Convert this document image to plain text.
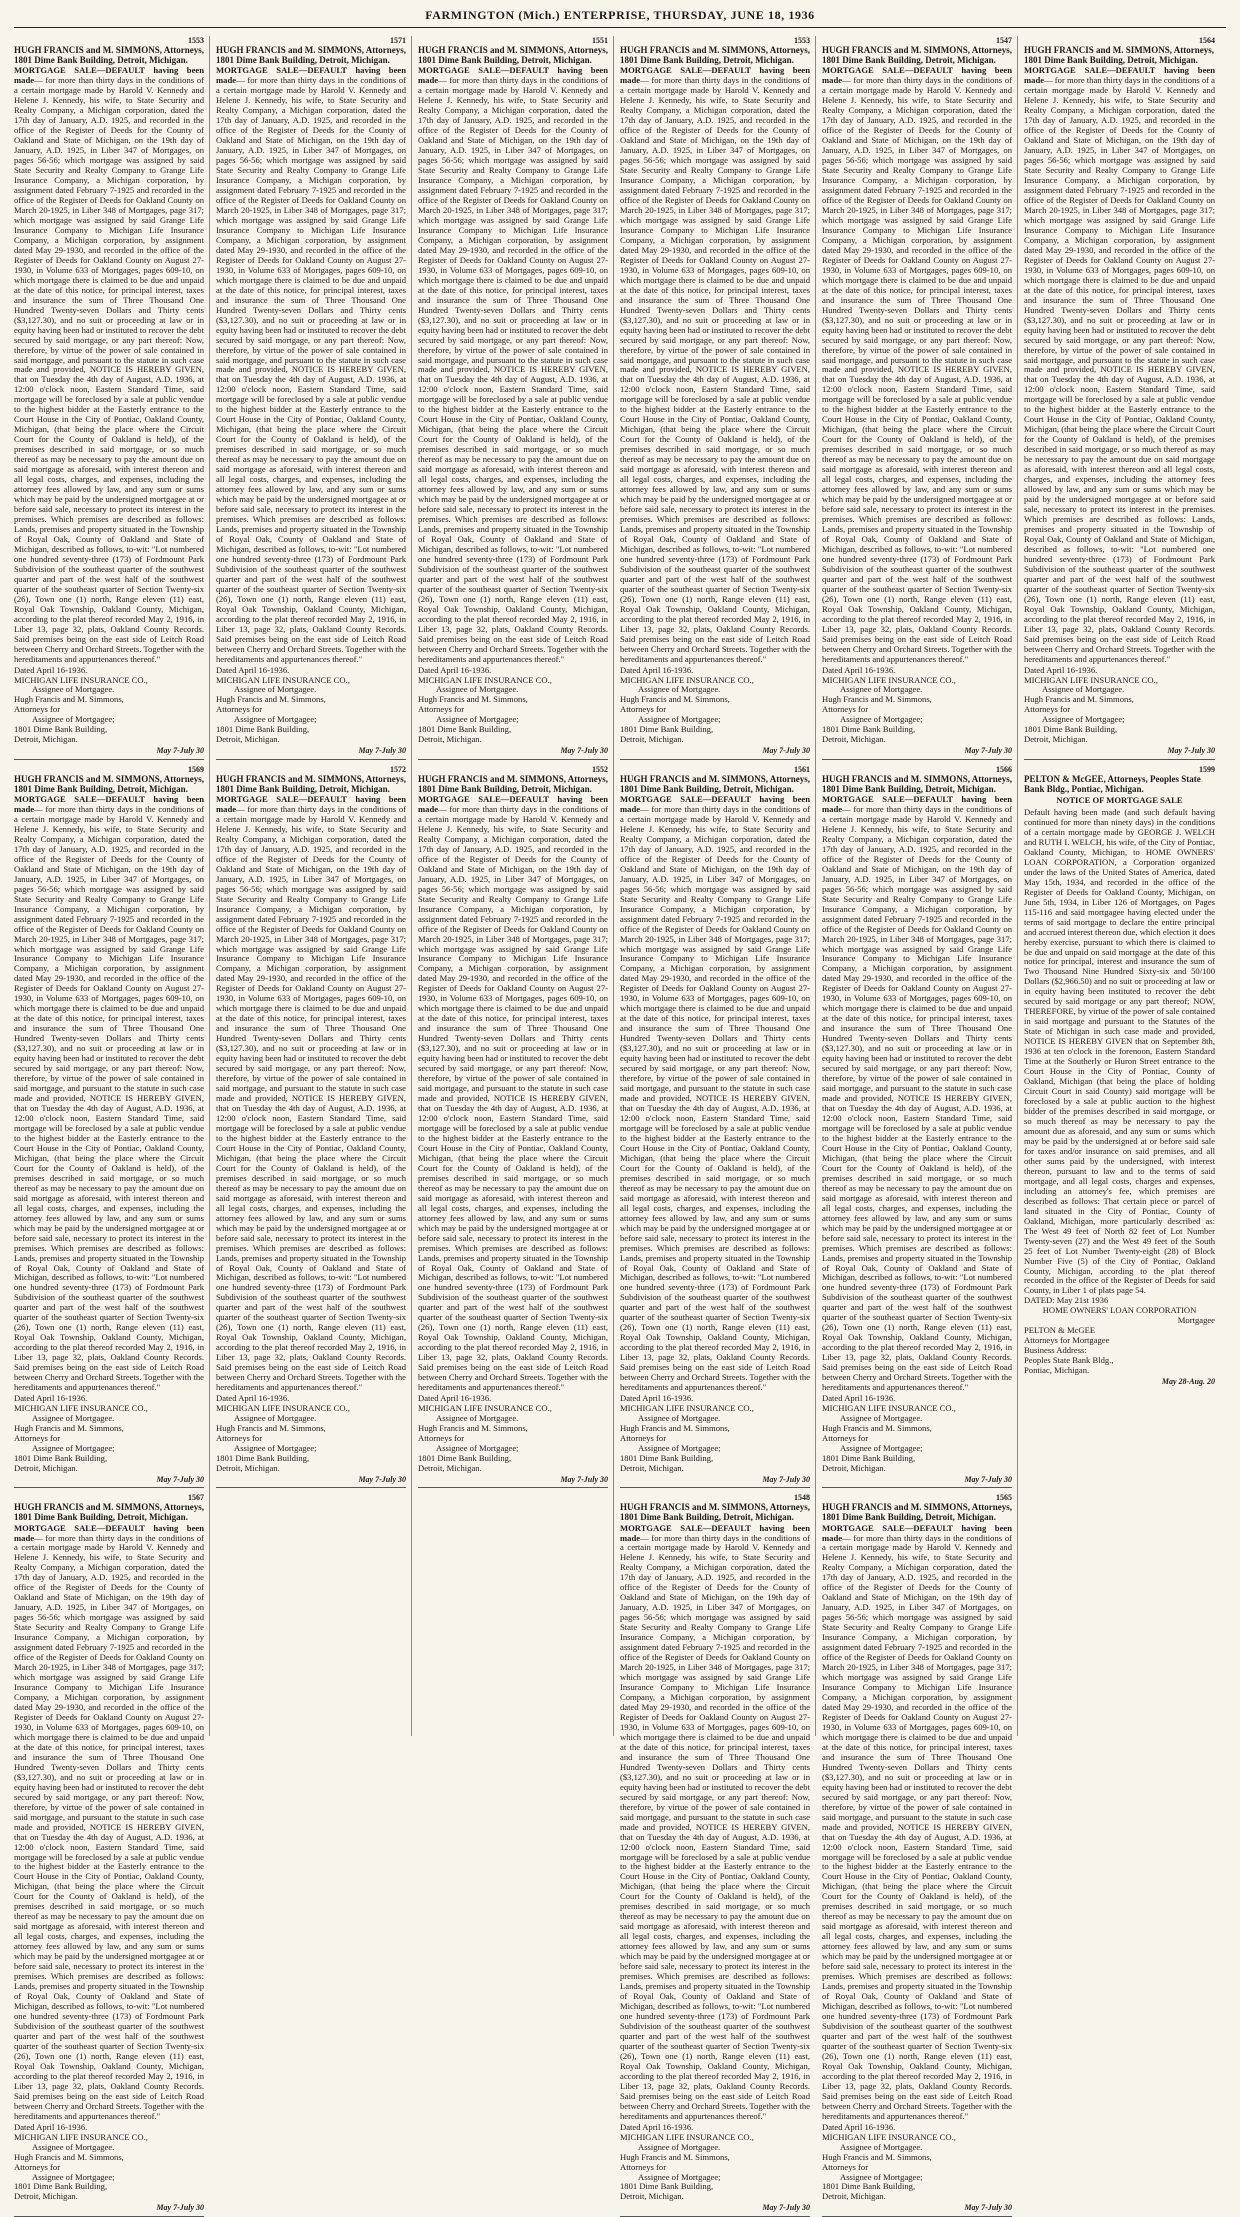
FARMINGTON (Mich.) ENTERPRISE, THURSDAY, JUNE 18, 1936
1553
HUGH FRANCIS and M. SIMMONS, Attorneys, 1801 Dime Bank Building, Detroit, Michigan.
MORTGAGE SALE—DEFAULT having been made— for more than thirty days in the conditions of a certain mortgage made by Harold V. Kennedy and Helene J. Kennedy, his wife, to State Security and Realty Company, a Michigan corporation, dated the 17th day of January, A.D. 1925, and recorded in the office of the Register of Deeds for the County of Oakland and State of Michigan, on the 19th day of January, A.D. 1925, in Liber 347 of Mortgages, on pages 56-56; which mortgage was assigned by said State Security and Realty Company to Grange Life Insurance Company, a Michigan corporation, by assignment dated February 7-1925 and recorded in the office of the Register of Deeds for Oakland County on March 20-1925, in Liber 348 of Mortgages, page 317; which mortgage was assigned by said Grange Life Insurance Company to Michigan Life Insurance Company, a Michigan corporation, by assignment dated May 29-1930, and recorded in the office of the Register of Deeds for Oakland County on August 27-1930, in Volume 633 of Mortgages, pages 609-10, on which mortgage there is claimed to be due and unpaid at the date of this notice, for principal interest, taxes and insurance the sum of Three Thousand One Hundred Twenty-seven Dollars and Thirty cents ($3,127.30), and no suit or proceeding at law or in equity having been had or instituted to recover the debt secured by said mortgage, or any part thereof: Now, therefore, by virtue of the power of sale contained in said mortgage, and pursuant to the statute in such case made and provided, NOTICE IS HEREBY GIVEN, that on Tuesday the 4th day of August, A.D. 1936, at 12:00 o'clock noon, Eastern Standard Time, said mortgage will be foreclosed by a sale at public vendue to the highest bidder at the Easterly entrance to the Court House in the City of Pontiac, Oakland County, Michigan, (that being the place where the Circuit Court for the County of Oakland is held), of the premises described in said mortgage, or so much thereof as may be necessary to pay the amount due on said mortgage as aforesaid, with interest thereon and all legal costs, charges, and expenses, including the attorney fees allowed by law, and any sum or sums which may be paid by the undersigned mortgagee at or before said sale, necessary to protect its interest in the premises. Which premises are described as follows: Lands, premises and property situated in the Township of Royal Oak, County of Oakland and State of Michigan, described as follows, to-wit: "Lot numbered one hundred seventy-three (173) of Fordmount Park Subdivision of the southeast quarter of the southwest quarter and part of the west half of the southwest quarter of the southeast quarter of Section Twenty-six (26), Town one (1) north, Range eleven (11) east, Royal Oak Township, Oakland County, Michigan, according to the plat thereof recorded May 2, 1916, in Liber 13, page 32, plats, Oakland County Records. Said premises being on the east side of Leitch Road between Cherry and Orchard Streets. Together with the hereditaments and appurtenances thereof."
Dated April 16-1936.
MICHIGAN LIFE INSURANCE CO.,
Assignee of Mortgagee.
Hugh Francis and M. Simmons,
Attorneys for
Assignee of Mortgagee;
1801 Dime Bank Building,
Detroit, Michigan.
May 7-July 30
1569
HUGH FRANCIS and M. SIMMONS, Attorneys, 1801 Dime Bank Building, Detroit, Michigan.
MORTGAGE SALE—DEFAULT having been made— for more than thirty days in the conditions of a certain mortgage made by Harold V. Kennedy and Helene J. Kennedy, his wife, to State Security and Realty Company, a Michigan corporation, dated the 17th day of January, A.D. 1925, and recorded in the office of the Register of Deeds for the County of Oakland and State of Michigan, on the 19th day of January, A.D. 1925, in Liber 347 of Mortgages, on pages 56-56; which mortgage was assigned by said State Security and Realty Company to Grange Life Insurance Company, a Michigan corporation, by assignment dated February 7-1925 and recorded in the office of the Register of Deeds for Oakland County on March 20-1925, in Liber 348 of Mortgages, page 317; which mortgage was assigned by said Grange Life Insurance Company to Michigan Life Insurance Company, a Michigan corporation, by assignment dated May 29-1930, and recorded in the office of the Register of Deeds for Oakland County on August 27-1930, in Volume 633 of Mortgages, pages 609-10, on which mortgage there is claimed to be due and unpaid at the date of this notice, for principal interest, taxes and insurance the sum of Three Thousand One Hundred Twenty-seven Dollars and Thirty cents ($3,127.30), and no suit or proceeding at law or in equity having been had or instituted to recover the debt secured by said mortgage, or any part thereof: Now, therefore, by virtue of the power of sale contained in said mortgage, and pursuant to the statute in such case made and provided, NOTICE IS HEREBY GIVEN, that on Tuesday the 4th day of August, A.D. 1936, at 12:00 o'clock noon, Eastern Standard Time, said mortgage will be foreclosed by a sale at public vendue to the highest bidder at the Easterly entrance to the Court House in the City of Pontiac, Oakland County, Michigan, (that being the place where the Circuit Court for the County of Oakland is held), of the premises described in said mortgage, or so much thereof as may be necessary to pay the amount due on said mortgage as aforesaid, with interest thereon and all legal costs, charges, and expenses, including the attorney fees allowed by law, and any sum or sums which may be paid by the undersigned mortgagee at or before said sale, necessary to protect its interest in the premises. Which premises are described as follows: Lands, premises and property situated in the Township of Royal Oak, County of Oakland and State of Michigan, described as follows, to-wit: "Lot numbered one hundred seventy-three (173) of Fordmount Park Subdivision of the southeast quarter of the southwest quarter and part of the west half of the southwest quarter of the southeast quarter of Section Twenty-six (26), Town one (1) north, Range eleven (11) east, Royal Oak Township, Oakland County, Michigan, according to the plat thereof recorded May 2, 1916, in Liber 13, page 32, plats, Oakland County Records. Said premises being on the east side of Leitch Road between Cherry and Orchard Streets. Together with the hereditaments and appurtenances thereof."
Dated April 16-1936.
MICHIGAN LIFE INSURANCE CO.,
Assignee of Mortgagee.
Hugh Francis and M. Simmons,
Attorneys for
Assignee of Mortgagee;
1801 Dime Bank Building,
Detroit, Michigan.
May 7-July 30
1567
HUGH FRANCIS and M. SIMMONS, Attorneys, 1801 Dime Bank Building, Detroit, Michigan.
MORTGAGE SALE—DEFAULT having been made— for more than thirty days in the conditions of a certain mortgage made by Harold V. Kennedy and Helene J. Kennedy, his wife, to State Security and Realty Company, a Michigan corporation, dated the 17th day of January, A.D. 1925, and recorded in the office of the Register of Deeds for the County of Oakland and State of Michigan, on the 19th day of January, A.D. 1925, in Liber 347 of Mortgages, on pages 56-56; which mortgage was assigned by said State Security and Realty Company to Grange Life Insurance Company, a Michigan corporation, by assignment dated February 7-1925 and recorded in the office of the Register of Deeds for Oakland County on March 20-1925, in Liber 348 of Mortgages, page 317; which mortgage was assigned by said Grange Life Insurance Company to Michigan Life Insurance Company, a Michigan corporation, by assignment dated May 29-1930, and recorded in the office of the Register of Deeds for Oakland County on August 27-1930, in Volume 633 of Mortgages, pages 609-10, on which mortgage there is claimed to be due and unpaid at the date of this notice, for principal interest, taxes and insurance the sum of Three Thousand One Hundred Twenty-seven Dollars and Thirty cents ($3,127.30), and no suit or proceeding at law or in equity having been had or instituted to recover the debt secured by said mortgage, or any part thereof: Now, therefore, by virtue of the power of sale contained in said mortgage, and pursuant to the statute in such case made and provided, NOTICE IS HEREBY GIVEN, that on Tuesday the 4th day of August, A.D. 1936, at 12:00 o'clock noon, Eastern Standard Time, said mortgage will be foreclosed by a sale at public vendue to the highest bidder at the Easterly entrance to the Court House in the City of Pontiac, Oakland County, Michigan, (that being the place where the Circuit Court for the County of Oakland is held), of the premises described in said mortgage, or so much thereof as may be necessary to pay the amount due on said mortgage as aforesaid, with interest thereon and all legal costs, charges, and expenses, including the attorney fees allowed by law, and any sum or sums which may be paid by the undersigned mortgagee at or before said sale, necessary to protect its interest in the premises. Which premises are described as follows: Lands, premises and property situated in the Township of Royal Oak, County of Oakland and State of Michigan, described as follows, to-wit: "Lot numbered one hundred seventy-three (173) of Fordmount Park Subdivision of the southeast quarter of the southwest quarter and part of the west half of the southwest quarter of the southeast quarter of Section Twenty-six (26), Town one (1) north, Range eleven (11) east, Royal Oak Township, Oakland County, Michigan, according to the plat thereof recorded May 2, 1916, in Liber 13, page 32, plats, Oakland County Records. Said premises being on the east side of Leitch Road between Cherry and Orchard Streets. Together with the hereditaments and appurtenances thereof."
Dated April 16-1936.
MICHIGAN LIFE INSURANCE CO.,
Assignee of Mortgagee.
Hugh Francis and M. Simmons,
Attorneys for
Assignee of Mortgagee;
1801 Dime Bank Building,
Detroit, Michigan.
May 7-July 30
1571
HUGH FRANCIS and M. SIMMONS, Attorneys, 1801 Dime Bank Building, Detroit, Michigan.
MORTGAGE SALE—DEFAULT having been made— for more than thirty days in the conditions of a certain mortgage made by Harold V. Kennedy and Helene J. Kennedy, his wife, to State Security and Realty Company, a Michigan corporation, dated the 17th day of January, A.D. 1925, and recorded in the office of the Register of Deeds for the County of Oakland and State of Michigan, on the 19th day of January, A.D. 1925, in Liber 347 of Mortgages, on pages 56-56; which mortgage was assigned by said State Security and Realty Company to Grange Life Insurance Company, a Michigan corporation, by assignment dated February 7-1925 and recorded in the office of the Register of Deeds for Oakland County on March 20-1925, in Liber 348 of Mortgages, page 317; which mortgage was assigned by said Grange Life Insurance Company to Michigan Life Insurance Company, a Michigan corporation, by assignment dated May 29-1930, and recorded in the office of the Register of Deeds for Oakland County on August 27-1930, in Volume 633 of Mortgages, pages 609-10, on which mortgage there is claimed to be due and unpaid at the date of this notice, for principal interest, taxes and insurance the sum of Three Thousand One Hundred Twenty-seven Dollars and Thirty cents ($3,127.30), and no suit or proceeding at law or in equity having been had or instituted to recover the debt secured by said mortgage, or any part thereof: Now, therefore, by virtue of the power of sale contained in said mortgage, and pursuant to the statute in such case made and provided, NOTICE IS HEREBY GIVEN, that on Tuesday the 4th day of August, A.D. 1936, at 12:00 o'clock noon, Eastern Standard Time, said mortgage will be foreclosed by a sale at public vendue to the highest bidder at the Easterly entrance to the Court House in the City of Pontiac, Oakland County, Michigan, (that being the place where the Circuit Court for the County of Oakland is held), of the premises described in said mortgage, or so much thereof as may be necessary to pay the amount due on said mortgage as aforesaid, with interest thereon and all legal costs, charges, and expenses, including the attorney fees allowed by law, and any sum or sums which may be paid by the undersigned mortgagee at or before said sale, necessary to protect its interest in the premises. Which premises are described as follows: Lands, premises and property situated in the Township of Royal Oak, County of Oakland and State of Michigan, described as follows, to-wit: "Lot numbered one hundred seventy-three (173) of Fordmount Park Subdivision of the southeast quarter of the southwest quarter and part of the west half of the southwest quarter of the southeast quarter of Section Twenty-six (26), Town one (1) north, Range eleven (11) east, Royal Oak Township, Oakland County, Michigan, according to the plat thereof recorded May 2, 1916, in Liber 13, page 32, plats, Oakland County Records. Said premises being on the east side of Leitch Road between Cherry and Orchard Streets. Together with the hereditaments and appurtenances thereof."
Dated April 16-1936.
MICHIGAN LIFE INSURANCE CO.,
Assignee of Mortgagee.
Hugh Francis and M. Simmons,
Attorneys for
Assignee of Mortgagee;
1801 Dime Bank Building,
Detroit, Michigan.
May 7-July 30
1572
HUGH FRANCIS and M. SIMMONS, Attorneys, 1801 Dime Bank Building, Detroit, Michigan.
MORTGAGE SALE—DEFAULT having been made— for more than thirty days in the conditions of a certain mortgage made by Harold V. Kennedy and Helene J. Kennedy, his wife, to State Security and Realty Company, a Michigan corporation, dated the 17th day of January, A.D. 1925, and recorded in the office of the Register of Deeds for the County of Oakland and State of Michigan, on the 19th day of January, A.D. 1925, in Liber 347 of Mortgages, on pages 56-56; which mortgage was assigned by said State Security and Realty Company to Grange Life Insurance Company, a Michigan corporation, by assignment dated February 7-1925 and recorded in the office of the Register of Deeds for Oakland County on March 20-1925, in Liber 348 of Mortgages, page 317; which mortgage was assigned by said Grange Life Insurance Company to Michigan Life Insurance Company, a Michigan corporation, by assignment dated May 29-1930, and recorded in the office of the Register of Deeds for Oakland County on August 27-1930, in Volume 633 of Mortgages, pages 609-10, on which mortgage there is claimed to be due and unpaid at the date of this notice, for principal interest, taxes and insurance the sum of Three Thousand One Hundred Twenty-seven Dollars and Thirty cents ($3,127.30), and no suit or proceeding at law or in equity having been had or instituted to recover the debt secured by said mortgage, or any part thereof: Now, therefore, by virtue of the power of sale contained in said mortgage, and pursuant to the statute in such case made and provided, NOTICE IS HEREBY GIVEN, that on Tuesday the 4th day of August, A.D. 1936, at 12:00 o'clock noon, Eastern Standard Time, said mortgage will be foreclosed by a sale at public vendue to the highest bidder at the Easterly entrance to the Court House in the City of Pontiac, Oakland County, Michigan, (that being the place where the Circuit Court for the County of Oakland is held), of the premises described in said mortgage, or so much thereof as may be necessary to pay the amount due on said mortgage as aforesaid, with interest thereon and all legal costs, charges, and expenses, including the attorney fees allowed by law, and any sum or sums which may be paid by the undersigned mortgagee at or before said sale, necessary to protect its interest in the premises. Which premises are described as follows: Lands, premises and property situated in the Township of Royal Oak, County of Oakland and State of Michigan, described as follows, to-wit: "Lot numbered one hundred seventy-three (173) of Fordmount Park Subdivision of the southeast quarter of the southwest quarter and part of the west half of the southwest quarter of the southeast quarter of Section Twenty-six (26), Town one (1) north, Range eleven (11) east, Royal Oak Township, Oakland County, Michigan, according to the plat thereof recorded May 2, 1916, in Liber 13, page 32, plats, Oakland County Records. Said premises being on the east side of Leitch Road between Cherry and Orchard Streets. Together with the hereditaments and appurtenances thereof."
Dated April 16-1936.
MICHIGAN LIFE INSURANCE CO.,
Assignee of Mortgagee.
Hugh Francis and M. Simmons,
Attorneys for
Assignee of Mortgagee;
1801 Dime Bank Building,
Detroit, Michigan.
May 7-July 30
1551
HUGH FRANCIS and M. SIMMONS, Attorneys, 1801 Dime Bank Building, Detroit, Michigan.
MORTGAGE SALE—DEFAULT having been made— for more than thirty days in the conditions of a certain mortgage made by Harold V. Kennedy and Helene J. Kennedy, his wife, to State Security and Realty Company, a Michigan corporation, dated the 17th day of January, A.D. 1925, and recorded in the office of the Register of Deeds for the County of Oakland and State of Michigan, on the 19th day of January, A.D. 1925, in Liber 347 of Mortgages, on pages 56-56; which mortgage was assigned by said State Security and Realty Company to Grange Life Insurance Company, a Michigan corporation, by assignment dated February 7-1925 and recorded in the office of the Register of Deeds for Oakland County on March 20-1925, in Liber 348 of Mortgages, page 317; which mortgage was assigned by said Grange Life Insurance Company to Michigan Life Insurance Company, a Michigan corporation, by assignment dated May 29-1930, and recorded in the office of the Register of Deeds for Oakland County on August 27-1930, in Volume 633 of Mortgages, pages 609-10, on which mortgage there is claimed to be due and unpaid at the date of this notice, for principal interest, taxes and insurance the sum of Three Thousand One Hundred Twenty-seven Dollars and Thirty cents ($3,127.30), and no suit or proceeding at law or in equity having been had or instituted to recover the debt secured by said mortgage, or any part thereof: Now, therefore, by virtue of the power of sale contained in said mortgage, and pursuant to the statute in such case made and provided, NOTICE IS HEREBY GIVEN, that on Tuesday the 4th day of August, A.D. 1936, at 12:00 o'clock noon, Eastern Standard Time, said mortgage will be foreclosed by a sale at public vendue to the highest bidder at the Easterly entrance to the Court House in the City of Pontiac, Oakland County, Michigan, (that being the place where the Circuit Court for the County of Oakland is held), of the premises described in said mortgage, or so much thereof as may be necessary to pay the amount due on said mortgage as aforesaid, with interest thereon and all legal costs, charges, and expenses, including the attorney fees allowed by law, and any sum or sums which may be paid by the undersigned mortgagee at or before said sale, necessary to protect its interest in the premises. Which premises are described as follows: Lands, premises and property situated in the Township of Royal Oak, County of Oakland and State of Michigan, described as follows, to-wit: "Lot numbered one hundred seventy-three (173) of Fordmount Park Subdivision of the southeast quarter of the southwest quarter and part of the west half of the southwest quarter of the southeast quarter of Section Twenty-six (26), Town one (1) north, Range eleven (11) east, Royal Oak Township, Oakland County, Michigan, according to the plat thereof recorded May 2, 1916, in Liber 13, page 32, plats, Oakland County Records. Said premises being on the east side of Leitch Road between Cherry and Orchard Streets. Together with the hereditaments and appurtenances thereof."
Dated April 16-1936.
MICHIGAN LIFE INSURANCE CO.,
Assignee of Mortgagee.
Hugh Francis and M. Simmons,
Attorneys for
Assignee of Mortgagee;
1801 Dime Bank Building,
Detroit, Michigan.
May 7-July 30
1552
HUGH FRANCIS and M. SIMMONS, Attorneys, 1801 Dime Bank Building, Detroit, Michigan.
MORTGAGE SALE—DEFAULT having been made— for more than thirty days in the conditions of a certain mortgage made by Harold V. Kennedy and Helene J. Kennedy, his wife, to State Security and Realty Company, a Michigan corporation, dated the 17th day of January, A.D. 1925, and recorded in the office of the Register of Deeds for the County of Oakland and State of Michigan, on the 19th day of January, A.D. 1925, in Liber 347 of Mortgages, on pages 56-56; which mortgage was assigned by said State Security and Realty Company to Grange Life Insurance Company, a Michigan corporation, by assignment dated February 7-1925 and recorded in the office of the Register of Deeds for Oakland County on March 20-1925, in Liber 348 of Mortgages, page 317; which mortgage was assigned by said Grange Life Insurance Company to Michigan Life Insurance Company, a Michigan corporation, by assignment dated May 29-1930, and recorded in the office of the Register of Deeds for Oakland County on August 27-1930, in Volume 633 of Mortgages, pages 609-10, on which mortgage there is claimed to be due and unpaid at the date of this notice, for principal interest, taxes and insurance the sum of Three Thousand One Hundred Twenty-seven Dollars and Thirty cents ($3,127.30), and no suit or proceeding at law or in equity having been had or instituted to recover the debt secured by said mortgage, or any part thereof: Now, therefore, by virtue of the power of sale contained in said mortgage, and pursuant to the statute in such case made and provided, NOTICE IS HEREBY GIVEN, that on Tuesday the 4th day of August, A.D. 1936, at 12:00 o'clock noon, Eastern Standard Time, said mortgage will be foreclosed by a sale at public vendue to the highest bidder at the Easterly entrance to the Court House in the City of Pontiac, Oakland County, Michigan, (that being the place where the Circuit Court for the County of Oakland is held), of the premises described in said mortgage, or so much thereof as may be necessary to pay the amount due on said mortgage as aforesaid, with interest thereon and all legal costs, charges, and expenses, including the attorney fees allowed by law, and any sum or sums which may be paid by the undersigned mortgagee at or before said sale, necessary to protect its interest in the premises. Which premises are described as follows: Lands, premises and property situated in the Township of Royal Oak, County of Oakland and State of Michigan, described as follows, to-wit: "Lot numbered one hundred seventy-three (173) of Fordmount Park Subdivision of the southeast quarter of the southwest quarter and part of the west half of the southwest quarter of the southeast quarter of Section Twenty-six (26), Town one (1) north, Range eleven (11) east, Royal Oak Township, Oakland County, Michigan, according to the plat thereof recorded May 2, 1916, in Liber 13, page 32, plats, Oakland County Records. Said premises being on the east side of Leitch Road between Cherry and Orchard Streets. Together with the hereditaments and appurtenances thereof."
Dated April 16-1936.
MICHIGAN LIFE INSURANCE CO.,
Assignee of Mortgagee.
Hugh Francis and M. Simmons,
Attorneys for
Assignee of Mortgagee;
1801 Dime Bank Building,
Detroit, Michigan.
May 7-July 30
1553
HUGH FRANCIS and M. SIMMONS, Attorneys, 1801 Dime Bank Building, Detroit, Michigan.
MORTGAGE SALE—DEFAULT having been made— for more than thirty days in the conditions of a certain mortgage made by Harold V. Kennedy and Helene J. Kennedy, his wife, to State Security and Realty Company, a Michigan corporation, dated the 17th day of January, A.D. 1925, and recorded in the office of the Register of Deeds for the County of Oakland and State of Michigan, on the 19th day of January, A.D. 1925, in Liber 347 of Mortgages, on pages 56-56; which mortgage was assigned by said State Security and Realty Company to Grange Life Insurance Company, a Michigan corporation, by assignment dated February 7-1925 and recorded in the office of the Register of Deeds for Oakland County on March 20-1925, in Liber 348 of Mortgages, page 317; which mortgage was assigned by said Grange Life Insurance Company to Michigan Life Insurance Company, a Michigan corporation, by assignment dated May 29-1930, and recorded in the office of the Register of Deeds for Oakland County on August 27-1930, in Volume 633 of Mortgages, pages 609-10, on which mortgage there is claimed to be due and unpaid at the date of this notice, for principal interest, taxes and insurance the sum of Three Thousand One Hundred Twenty-seven Dollars and Thirty cents ($3,127.30), and no suit or proceeding at law or in equity having been had or instituted to recover the debt secured by said mortgage, or any part thereof: Now, therefore, by virtue of the power of sale contained in said mortgage, and pursuant to the statute in such case made and provided, NOTICE IS HEREBY GIVEN, that on Tuesday the 4th day of August, A.D. 1936, at 12:00 o'clock noon, Eastern Standard Time, said mortgage will be foreclosed by a sale at public vendue to the highest bidder at the Easterly entrance to the Court House in the City of Pontiac, Oakland County, Michigan, (that being the place where the Circuit Court for the County of Oakland is held), of the premises described in said mortgage, or so much thereof as may be necessary to pay the amount due on said mortgage as aforesaid, with interest thereon and all legal costs, charges, and expenses, including the attorney fees allowed by law, and any sum or sums which may be paid by the undersigned mortgagee at or before said sale, necessary to protect its interest in the premises. Which premises are described as follows: Lands, premises and property situated in the Township of Royal Oak, County of Oakland and State of Michigan, described as follows, to-wit: "Lot numbered one hundred seventy-three (173) of Fordmount Park Subdivision of the southeast quarter of the southwest quarter and part of the west half of the southwest quarter of the southeast quarter of Section Twenty-six (26), Town one (1) north, Range eleven (11) east, Royal Oak Township, Oakland County, Michigan, according to the plat thereof recorded May 2, 1916, in Liber 13, page 32, plats, Oakland County Records. Said premises being on the east side of Leitch Road between Cherry and Orchard Streets. Together with the hereditaments and appurtenances thereof."
Dated April 16-1936.
MICHIGAN LIFE INSURANCE CO.,
Assignee of Mortgagee.
Hugh Francis and M. Simmons,
Attorneys for
Assignee of Mortgagee;
1801 Dime Bank Building,
Detroit, Michigan.
May 7-July 30
1561
HUGH FRANCIS and M. SIMMONS, Attorneys, 1801 Dime Bank Building, Detroit, Michigan.
MORTGAGE SALE—DEFAULT having been made— for more than thirty days in the conditions of a certain mortgage made by Harold V. Kennedy and Helene J. Kennedy, his wife, to State Security and Realty Company, a Michigan corporation, dated the 17th day of January, A.D. 1925, and recorded in the office of the Register of Deeds for the County of Oakland and State of Michigan, on the 19th day of January, A.D. 1925, in Liber 347 of Mortgages, on pages 56-56; which mortgage was assigned by said State Security and Realty Company to Grange Life Insurance Company, a Michigan corporation, by assignment dated February 7-1925 and recorded in the office of the Register of Deeds for Oakland County on March 20-1925, in Liber 348 of Mortgages, page 317; which mortgage was assigned by said Grange Life Insurance Company to Michigan Life Insurance Company, a Michigan corporation, by assignment dated May 29-1930, and recorded in the office of the Register of Deeds for Oakland County on August 27-1930, in Volume 633 of Mortgages, pages 609-10, on which mortgage there is claimed to be due and unpaid at the date of this notice, for principal interest, taxes and insurance the sum of Three Thousand One Hundred Twenty-seven Dollars and Thirty cents ($3,127.30), and no suit or proceeding at law or in equity having been had or instituted to recover the debt secured by said mortgage, or any part thereof: Now, therefore, by virtue of the power of sale contained in said mortgage, and pursuant to the statute in such case made and provided, NOTICE IS HEREBY GIVEN, that on Tuesday the 4th day of August, A.D. 1936, at 12:00 o'clock noon, Eastern Standard Time, said mortgage will be foreclosed by a sale at public vendue to the highest bidder at the Easterly entrance to the Court House in the City of Pontiac, Oakland County, Michigan, (that being the place where the Circuit Court for the County of Oakland is held), of the premises described in said mortgage, or so much thereof as may be necessary to pay the amount due on said mortgage as aforesaid, with interest thereon and all legal costs, charges, and expenses, including the attorney fees allowed by law, and any sum or sums which may be paid by the undersigned mortgagee at or before said sale, necessary to protect its interest in the premises. Which premises are described as follows: Lands, premises and property situated in the Township of Royal Oak, County of Oakland and State of Michigan, described as follows, to-wit: "Lot numbered one hundred seventy-three (173) of Fordmount Park Subdivision of the southeast quarter of the southwest quarter and part of the west half of the southwest quarter of the southeast quarter of Section Twenty-six (26), Town one (1) north, Range eleven (11) east, Royal Oak Township, Oakland County, Michigan, according to the plat thereof recorded May 2, 1916, in Liber 13, page 32, plats, Oakland County Records. Said premises being on the east side of Leitch Road between Cherry and Orchard Streets. Together with the hereditaments and appurtenances thereof."
Dated April 16-1936.
MICHIGAN LIFE INSURANCE CO.,
Assignee of Mortgagee.
Hugh Francis and M. Simmons,
Attorneys for
Assignee of Mortgagee;
1801 Dime Bank Building,
Detroit, Michigan.
May 7-July 30
1548
HUGH FRANCIS and M. SIMMONS, Attorneys, 1801 Dime Bank Building, Detroit, Michigan.
MORTGAGE SALE—DEFAULT having been made— for more than thirty days in the conditions of a certain mortgage made by Harold V. Kennedy and Helene J. Kennedy, his wife, to State Security and Realty Company, a Michigan corporation, dated the 17th day of January, A.D. 1925, and recorded in the office of the Register of Deeds for the County of Oakland and State of Michigan, on the 19th day of January, A.D. 1925, in Liber 347 of Mortgages, on pages 56-56; which mortgage was assigned by said State Security and Realty Company to Grange Life Insurance Company, a Michigan corporation, by assignment dated February 7-1925 and recorded in the office of the Register of Deeds for Oakland County on March 20-1925, in Liber 348 of Mortgages, page 317; which mortgage was assigned by said Grange Life Insurance Company to Michigan Life Insurance Company, a Michigan corporation, by assignment dated May 29-1930, and recorded in the office of the Register of Deeds for Oakland County on August 27-1930, in Volume 633 of Mortgages, pages 609-10, on which mortgage there is claimed to be due and unpaid at the date of this notice, for principal interest, taxes and insurance the sum of Three Thousand One Hundred Twenty-seven Dollars and Thirty cents ($3,127.30), and no suit or proceeding at law or in equity having been had or instituted to recover the debt secured by said mortgage, or any part thereof: Now, therefore, by virtue of the power of sale contained in said mortgage, and pursuant to the statute in such case made and provided, NOTICE IS HEREBY GIVEN, that on Tuesday the 4th day of August, A.D. 1936, at 12:00 o'clock noon, Eastern Standard Time, said mortgage will be foreclosed by a sale at public vendue to the highest bidder at the Easterly entrance to the Court House in the City of Pontiac, Oakland County, Michigan, (that being the place where the Circuit Court for the County of Oakland is held), of the premises described in said mortgage, or so much thereof as may be necessary to pay the amount due on said mortgage as aforesaid, with interest thereon and all legal costs, charges, and expenses, including the attorney fees allowed by law, and any sum or sums which may be paid by the undersigned mortgagee at or before said sale, necessary to protect its interest in the premises. Which premises are described as follows: Lands, premises and property situated in the Township of Royal Oak, County of Oakland and State of Michigan, described as follows, to-wit: "Lot numbered one hundred seventy-three (173) of Fordmount Park Subdivision of the southeast quarter of the southwest quarter and part of the west half of the southwest quarter of the southeast quarter of Section Twenty-six (26), Town one (1) north, Range eleven (11) east, Royal Oak Township, Oakland County, Michigan, according to the plat thereof recorded May 2, 1916, in Liber 13, page 32, plats, Oakland County Records. Said premises being on the east side of Leitch Road between Cherry and Orchard Streets. Together with the hereditaments and appurtenances thereof."
Dated April 16-1936.
MICHIGAN LIFE INSURANCE CO.,
Assignee of Mortgagee.
Hugh Francis and M. Simmons,
Attorneys for
Assignee of Mortgagee;
1801 Dime Bank Building,
Detroit, Michigan.
May 7-July 30
1547
HUGH FRANCIS and M. SIMMONS, Attorneys, 1801 Dime Bank Building, Detroit, Michigan.
MORTGAGE SALE—DEFAULT having been made— for more than thirty days in the conditions of a certain mortgage made by Harold V. Kennedy and Helene J. Kennedy, his wife, to State Security and Realty Company, a Michigan corporation, dated the 17th day of January, A.D. 1925, and recorded in the office of the Register of Deeds for the County of Oakland and State of Michigan, on the 19th day of January, A.D. 1925, in Liber 347 of Mortgages, on pages 56-56; which mortgage was assigned by said State Security and Realty Company to Grange Life Insurance Company, a Michigan corporation, by assignment dated February 7-1925 and recorded in the office of the Register of Deeds for Oakland County on March 20-1925, in Liber 348 of Mortgages, page 317; which mortgage was assigned by said Grange Life Insurance Company to Michigan Life Insurance Company, a Michigan corporation, by assignment dated May 29-1930, and recorded in the office of the Register of Deeds for Oakland County on August 27-1930, in Volume 633 of Mortgages, pages 609-10, on which mortgage there is claimed to be due and unpaid at the date of this notice, for principal interest, taxes and insurance the sum of Three Thousand One Hundred Twenty-seven Dollars and Thirty cents ($3,127.30), and no suit or proceeding at law or in equity having been had or instituted to recover the debt secured by said mortgage, or any part thereof: Now, therefore, by virtue of the power of sale contained in said mortgage, and pursuant to the statute in such case made and provided, NOTICE IS HEREBY GIVEN, that on Tuesday the 4th day of August, A.D. 1936, at 12:00 o'clock noon, Eastern Standard Time, said mortgage will be foreclosed by a sale at public vendue to the highest bidder at the Easterly entrance to the Court House in the City of Pontiac, Oakland County, Michigan, (that being the place where the Circuit Court for the County of Oakland is held), of the premises described in said mortgage, or so much thereof as may be necessary to pay the amount due on said mortgage as aforesaid, with interest thereon and all legal costs, charges, and expenses, including the attorney fees allowed by law, and any sum or sums which may be paid by the undersigned mortgagee at or before said sale, necessary to protect its interest in the premises. Which premises are described as follows: Lands, premises and property situated in the Township of Royal Oak, County of Oakland and State of Michigan, described as follows, to-wit: "Lot numbered one hundred seventy-three (173) of Fordmount Park Subdivision of the southeast quarter of the southwest quarter and part of the west half of the southwest quarter of the southeast quarter of Section Twenty-six (26), Town one (1) north, Range eleven (11) east, Royal Oak Township, Oakland County, Michigan, according to the plat thereof recorded May 2, 1916, in Liber 13, page 32, plats, Oakland County Records. Said premises being on the east side of Leitch Road between Cherry and Orchard Streets. Together with the hereditaments and appurtenances thereof."
Dated April 16-1936.
MICHIGAN LIFE INSURANCE CO.,
Assignee of Mortgagee.
Hugh Francis and M. Simmons,
Attorneys for
Assignee of Mortgagee;
1801 Dime Bank Building,
Detroit, Michigan.
May 7-July 30
1566
HUGH FRANCIS and M. SIMMONS, Attorneys, 1801 Dime Bank Building, Detroit, Michigan.
MORTGAGE SALE—DEFAULT having been made— for more than thirty days in the conditions of a certain mortgage made by Harold V. Kennedy and Helene J. Kennedy, his wife, to State Security and Realty Company, a Michigan corporation, dated the 17th day of January, A.D. 1925, and recorded in the office of the Register of Deeds for the County of Oakland and State of Michigan, on the 19th day of January, A.D. 1925, in Liber 347 of Mortgages, on pages 56-56; which mortgage was assigned by said State Security and Realty Company to Grange Life Insurance Company, a Michigan corporation, by assignment dated February 7-1925 and recorded in the office of the Register of Deeds for Oakland County on March 20-1925, in Liber 348 of Mortgages, page 317; which mortgage was assigned by said Grange Life Insurance Company to Michigan Life Insurance Company, a Michigan corporation, by assignment dated May 29-1930, and recorded in the office of the Register of Deeds for Oakland County on August 27-1930, in Volume 633 of Mortgages, pages 609-10, on which mortgage there is claimed to be due and unpaid at the date of this notice, for principal interest, taxes and insurance the sum of Three Thousand One Hundred Twenty-seven Dollars and Thirty cents ($3,127.30), and no suit or proceeding at law or in equity having been had or instituted to recover the debt secured by said mortgage, or any part thereof: Now, therefore, by virtue of the power of sale contained in said mortgage, and pursuant to the statute in such case made and provided, NOTICE IS HEREBY GIVEN, that on Tuesday the 4th day of August, A.D. 1936, at 12:00 o'clock noon, Eastern Standard Time, said mortgage will be foreclosed by a sale at public vendue to the highest bidder at the Easterly entrance to the Court House in the City of Pontiac, Oakland County, Michigan, (that being the place where the Circuit Court for the County of Oakland is held), of the premises described in said mortgage, or so much thereof as may be necessary to pay the amount due on said mortgage as aforesaid, with interest thereon and all legal costs, charges, and expenses, including the attorney fees allowed by law, and any sum or sums which may be paid by the undersigned mortgagee at or before said sale, necessary to protect its interest in the premises. Which premises are described as follows: Lands, premises and property situated in the Township of Royal Oak, County of Oakland and State of Michigan, described as follows, to-wit: "Lot numbered one hundred seventy-three (173) of Fordmount Park Subdivision of the southeast quarter of the southwest quarter and part of the west half of the southwest quarter of the southeast quarter of Section Twenty-six (26), Town one (1) north, Range eleven (11) east, Royal Oak Township, Oakland County, Michigan, according to the plat thereof recorded May 2, 1916, in Liber 13, page 32, plats, Oakland County Records. Said premises being on the east side of Leitch Road between Cherry and Orchard Streets. Together with the hereditaments and appurtenances thereof."
Dated April 16-1936.
MICHIGAN LIFE INSURANCE CO.,
Assignee of Mortgagee.
Hugh Francis and M. Simmons,
Attorneys for
Assignee of Mortgagee;
1801 Dime Bank Building,
Detroit, Michigan.
May 7-July 30
1565
HUGH FRANCIS and M. SIMMONS, Attorneys, 1801 Dime Bank Building, Detroit, Michigan.
MORTGAGE SALE—DEFAULT having been made— for more than thirty days in the conditions of a certain mortgage made by Harold V. Kennedy and Helene J. Kennedy, his wife, to State Security and Realty Company, a Michigan corporation, dated the 17th day of January, A.D. 1925, and recorded in the office of the Register of Deeds for the County of Oakland and State of Michigan, on the 19th day of January, A.D. 1925, in Liber 347 of Mortgages, on pages 56-56; which mortgage was assigned by said State Security and Realty Company to Grange Life Insurance Company, a Michigan corporation, by assignment dated February 7-1925 and recorded in the office of the Register of Deeds for Oakland County on March 20-1925, in Liber 348 of Mortgages, page 317; which mortgage was assigned by said Grange Life Insurance Company to Michigan Life Insurance Company, a Michigan corporation, by assignment dated May 29-1930, and recorded in the office of the Register of Deeds for Oakland County on August 27-1930, in Volume 633 of Mortgages, pages 609-10, on which mortgage there is claimed to be due and unpaid at the date of this notice, for principal interest, taxes and insurance the sum of Three Thousand One Hundred Twenty-seven Dollars and Thirty cents ($3,127.30), and no suit or proceeding at law or in equity having been had or instituted to recover the debt secured by said mortgage, or any part thereof: Now, therefore, by virtue of the power of sale contained in said mortgage, and pursuant to the statute in such case made and provided, NOTICE IS HEREBY GIVEN, that on Tuesday the 4th day of August, A.D. 1936, at 12:00 o'clock noon, Eastern Standard Time, said mortgage will be foreclosed by a sale at public vendue to the highest bidder at the Easterly entrance to the Court House in the City of Pontiac, Oakland County, Michigan, (that being the place where the Circuit Court for the County of Oakland is held), of the premises described in said mortgage, or so much thereof as may be necessary to pay the amount due on said mortgage as aforesaid, with interest thereon and all legal costs, charges, and expenses, including the attorney fees allowed by law, and any sum or sums which may be paid by the undersigned mortgagee at or before said sale, necessary to protect its interest in the premises. Which premises are described as follows: Lands, premises and property situated in the Township of Royal Oak, County of Oakland and State of Michigan, described as follows, to-wit: "Lot numbered one hundred seventy-three (173) of Fordmount Park Subdivision of the southeast quarter of the southwest quarter and part of the west half of the southwest quarter of the southeast quarter of Section Twenty-six (26), Town one (1) north, Range eleven (11) east, Royal Oak Township, Oakland County, Michigan, according to the plat thereof recorded May 2, 1916, in Liber 13, page 32, plats, Oakland County Records. Said premises being on the east side of Leitch Road between Cherry and Orchard Streets. Together with the hereditaments and appurtenances thereof."
Dated April 16-1936.
MICHIGAN LIFE INSURANCE CO.,
Assignee of Mortgagee.
Hugh Francis and M. Simmons,
Attorneys for
Assignee of Mortgagee;
1801 Dime Bank Building,
Detroit, Michigan.
May 7-July 30
1564
HUGH FRANCIS and M. SIMMONS, Attorneys, 1801 Dime Bank Building, Detroit, Michigan.
MORTGAGE SALE—DEFAULT having been made— for more than thirty days in the conditions of a certain mortgage made by Harold V. Kennedy and Helene J. Kennedy, his wife, to State Security and Realty Company, a Michigan corporation, dated the 17th day of January, A.D. 1925, and recorded in the office of the Register of Deeds for the County of Oakland and State of Michigan, on the 19th day of January, A.D. 1925, in Liber 347 of Mortgages, on pages 56-56; which mortgage was assigned by said State Security and Realty Company to Grange Life Insurance Company, a Michigan corporation, by assignment dated February 7-1925 and recorded in the office of the Register of Deeds for Oakland County on March 20-1925, in Liber 348 of Mortgages, page 317; which mortgage was assigned by said Grange Life Insurance Company to Michigan Life Insurance Company, a Michigan corporation, by assignment dated May 29-1930, and recorded in the office of the Register of Deeds for Oakland County on August 27-1930, in Volume 633 of Mortgages, pages 609-10, on which mortgage there is claimed to be due and unpaid at the date of this notice, for principal interest, taxes and insurance the sum of Three Thousand One Hundred Twenty-seven Dollars and Thirty cents ($3,127.30), and no suit or proceeding at law or in equity having been had or instituted to recover the debt secured by said mortgage, or any part thereof: Now, therefore, by virtue of the power of sale contained in said mortgage, and pursuant to the statute in such case made and provided, NOTICE IS HEREBY GIVEN, that on Tuesday the 4th day of August, A.D. 1936, at 12:00 o'clock noon, Eastern Standard Time, said mortgage will be foreclosed by a sale at public vendue to the highest bidder at the Easterly entrance to the Court House in the City of Pontiac, Oakland County, Michigan, (that being the place where the Circuit Court for the County of Oakland is held), of the premises described in said mortgage, or so much thereof as may be necessary to pay the amount due on said mortgage as aforesaid, with interest thereon and all legal costs, charges, and expenses, including the attorney fees allowed by law, and any sum or sums which may be paid by the undersigned mortgagee at or before said sale, necessary to protect its interest in the premises. Which premises are described as follows: Lands, premises and property situated in the Township of Royal Oak, County of Oakland and State of Michigan, described as follows, to-wit: "Lot numbered one hundred seventy-three (173) of Fordmount Park Subdivision of the southeast quarter of the southwest quarter and part of the west half of the southwest quarter of the southeast quarter of Section Twenty-six (26), Town one (1) north, Range eleven (11) east, Royal Oak Township, Oakland County, Michigan, according to the plat thereof recorded May 2, 1916, in Liber 13, page 32, plats, Oakland County Records. Said premises being on the east side of Leitch Road between Cherry and Orchard Streets. Together with the hereditaments and appurtenances thereof."
Dated April 16-1936.
MICHIGAN LIFE INSURANCE CO.,
Assignee of Mortgagee.
Hugh Francis and M. Simmons,
Attorneys for
Assignee of Mortgagee;
1801 Dime Bank Building,
Detroit, Michigan.
May 7-July 30
1599
PELTON & McGEE, Attorneys, Peoples State Bank Bldg., Pontiac, Michigan.
NOTICE OF MORTGAGE SALE
Default having been made (and such default having continued for more than ninety days) in the conditions of a certain mortgage made by GEORGE J. WELCH and RUTH I. WELCH, his wife, of the City of Pontiac, Oakland County, Michigan, to HOME OWNERS' LOAN CORPORATION, a Corporation organized under the laws of the United States of America, dated May 15th, 1934, and recorded in the office of the Register of Deeds for Oakland County, Michigan, on June 5th, 1934, in Liber 126 of Mortgages, on Pages 115-116 and said mortgagee having elected under the terms of said mortgage to declare the entire principal and accrued interest thereon due, which election it does hereby exercise, pursuant to which there is claimed to be due and unpaid on said mortgage at the date of this notice for principal, interest and insurance the sum of Two Thousand Nine Hundred Sixty-six and 50/100 Dollars ($2,966.50) and no suit or proceeding at law or in equity having been instituted to recover the debt secured by said mortgage or any part thereof; NOW, THEREFORE, by virtue of the power of sale contained in said mortgage and pursuant to the Statutes of the State of Michigan in such case made and provided, NOTICE IS HEREBY GIVEN that on September 8th, 1936 at ten o'clock in the forenoon, Eastern Standard Time at the Southerly or Huron Street entrance to the Court House in the City of Pontiac, County of Oakland, Michigan (that being the place of holding Circuit Court in said County) said mortgage will be foreclosed by a sale at public auction to the highest bidder of the premises described in said mortgage, or so much thereof as may be necessary to pay the amount due as aforesaid, and any sum or sums which may be paid by the undersigned at or before said sale for taxes and/or insurance on said premises, and all other sums paid by the undersigned, with interest thereon, pursuant to law and to the terms of said mortgage, and all legal costs, charges and expenses, including an attorney's fee, which premises are described as follows: That certain piece or parcel of land situated in the City of Pontiac, County of Oakland, Michigan, more particularly described as: The West 49 feet of North 82 feet of Lot Number Twenty-seven (27) and the West 49 feet of the South 25 feet of Lot Number Twenty-eight (28) of Block Number Five (5) of the City of Pontiac, Oakland County, Michigan, according to the plat thereof recorded in the office of the Register of Deeds for said County, in Liber 1 of plats page 54.
DATED: May 21st 1936
HOME OWNERS' LOAN CORPORATION
Mortgagee
PELTON & McGEE
Attorneys for Mortgagee
Business Address:
Peoples State Bank Bldg.,
Pontiac, Michigan.
May 28-Aug. 20
